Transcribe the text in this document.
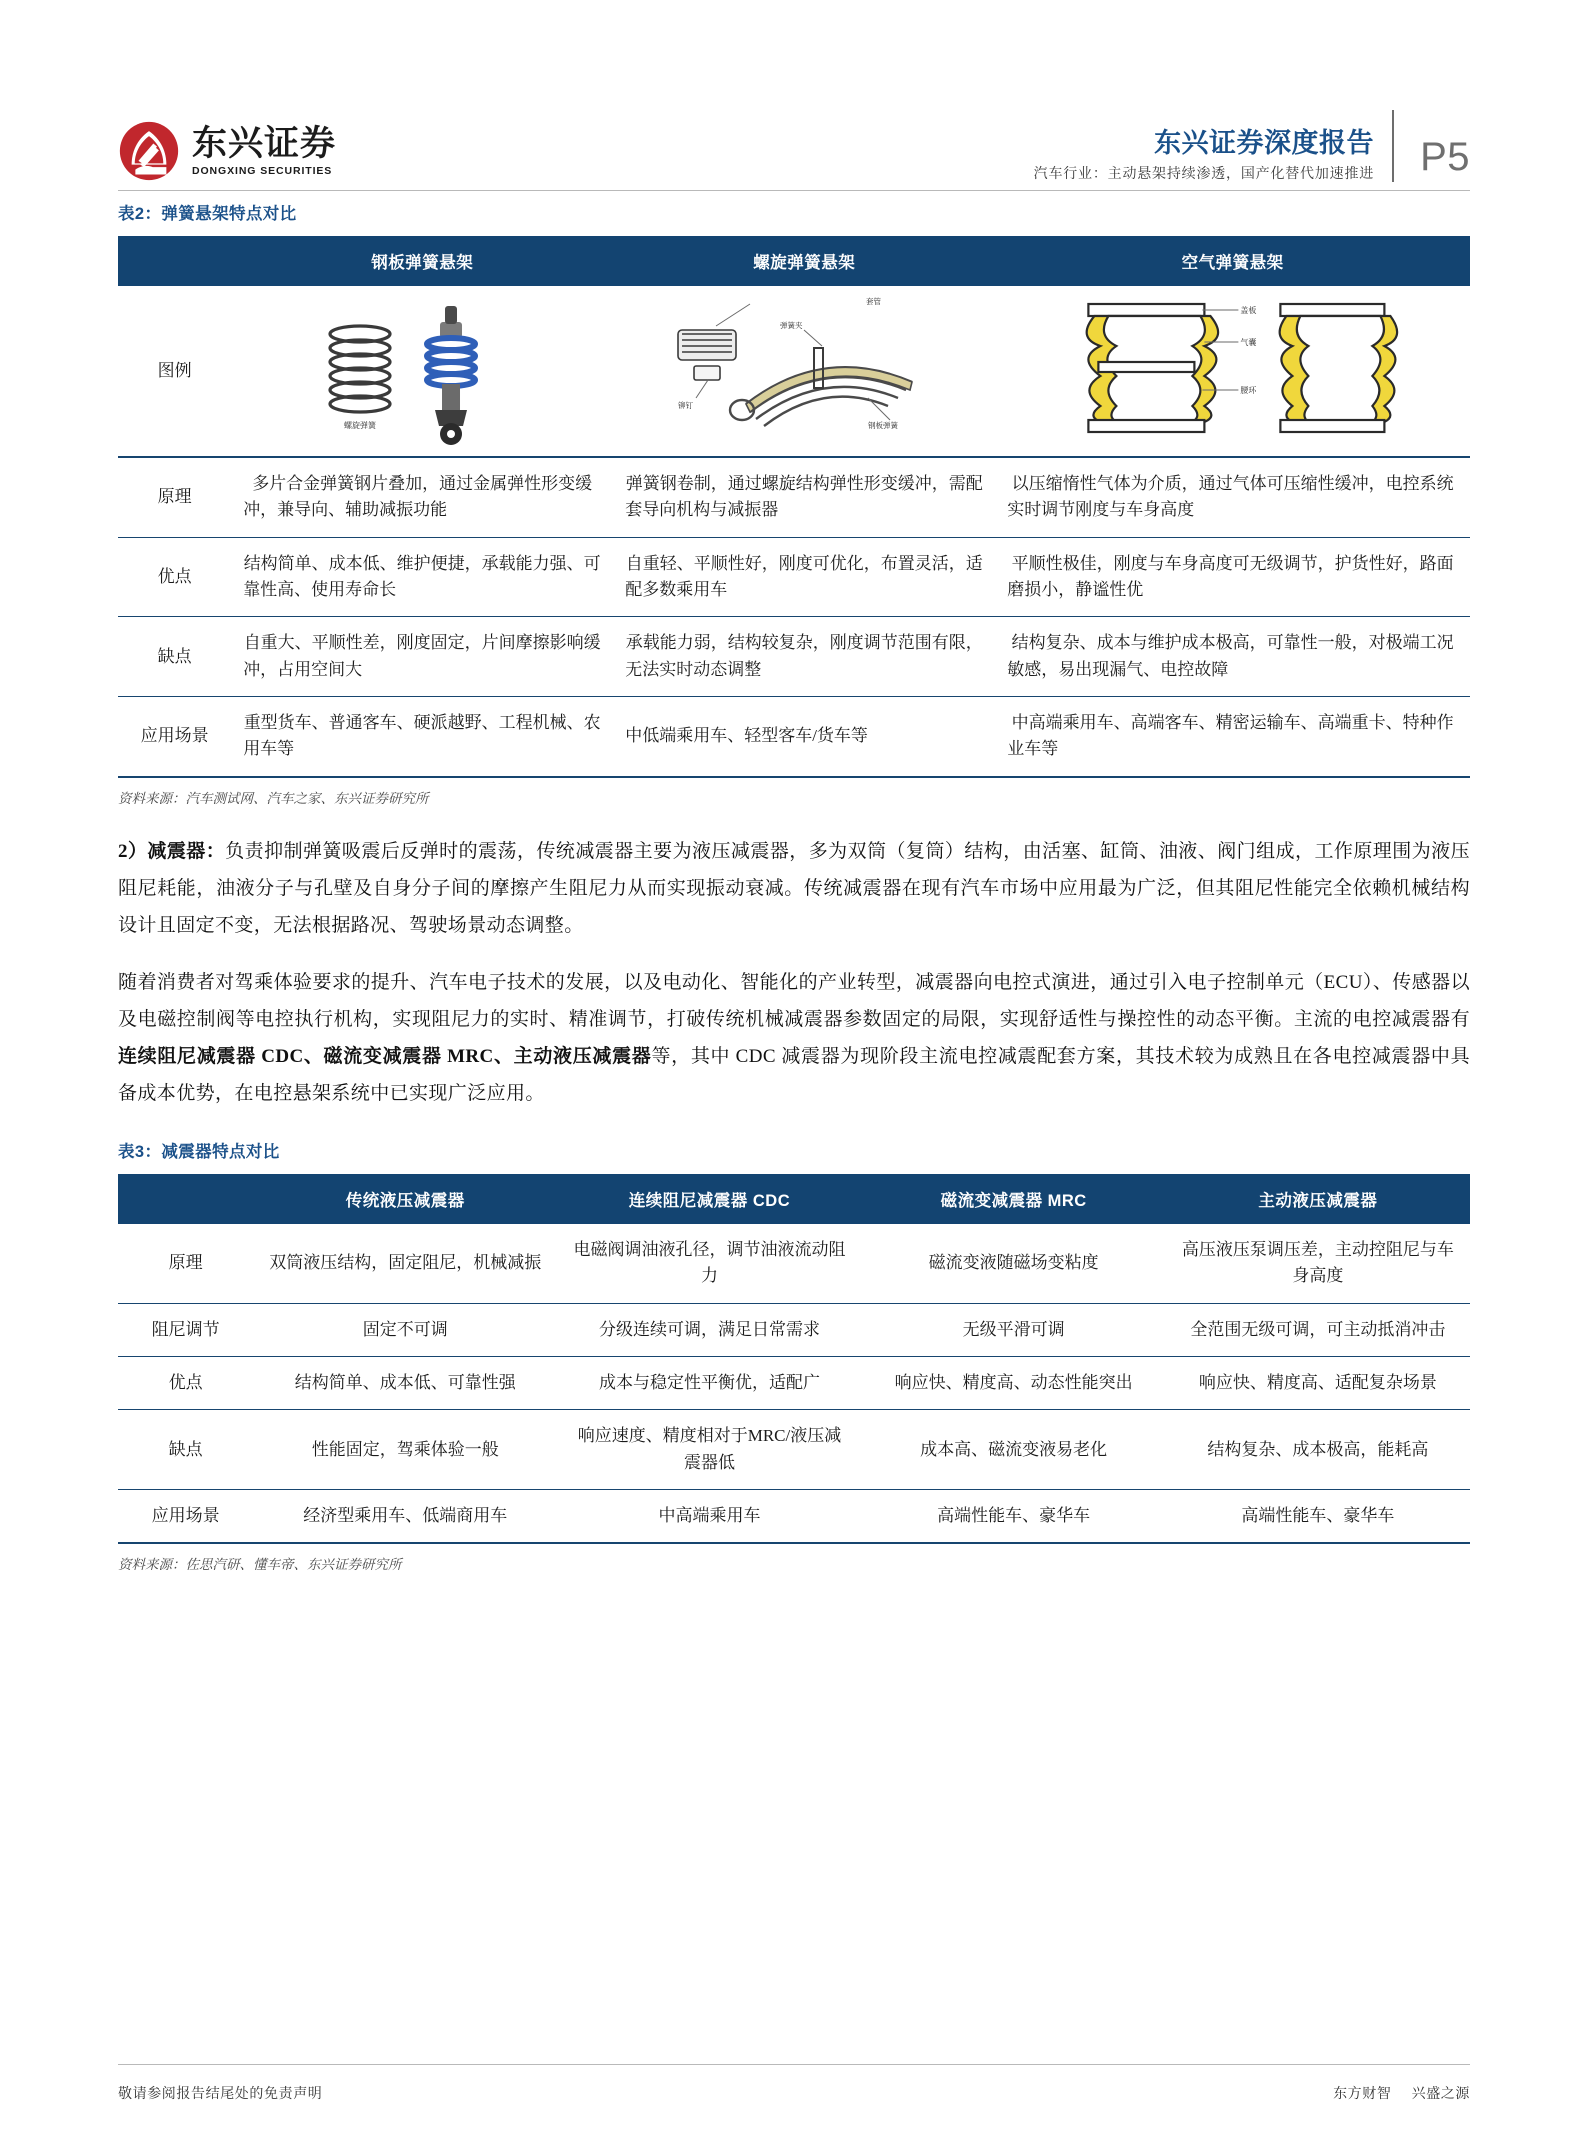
东兴证券
DONGXING SECURITIES
东兴证券深度报告
汽车行业：主动悬架持续渗透，国产化替代加速推进	P5
表2：弹簧悬架特点对比
	钢板弹簧悬架	螺旋弹簧悬架	空气弹簧悬架
图例	螺旋弹簧	套管
弹簧夹
铆钉
钢板弹簧	盖板
气囊
腰环

原理	多片合金弹簧钢片叠加，通过金属弹性形变缓冲，兼导向、辅助减振功能	弹簧钢卷制，通过螺旋结构弹性形变缓冲，需配套导向机构与减振器	以压缩惰性气体为介质，通过气体可压缩性缓冲，电控系统实时调节刚度与车身高度
优点	结构简单、成本低、维护便捷，承载能力强、可靠性高、使用寿命长	自重轻、平顺性好，刚度可优化，布置灵活，适配多数乘用车	平顺性极佳，刚度与车身高度可无级调节，护货性好，路面磨损小，静谧性优
缺点	自重大、平顺性差，刚度固定，片间摩擦影响缓冲，占用空间大	承载能力弱，结构较复杂，刚度调节范围有限，无法实时动态调整	结构复杂、成本与维护成本极高，可靠性一般，对极端工况敏感，易出现漏气、电控故障
应用场景	重型货车、普通客车、硬派越野、工程机械、农用车等	中低端乘用车、轻型客车/货车等	中高端乘用车、高端客车、精密运输车、高端重卡、特种作业车等
资料来源：汽车测试网、汽车之家、东兴证券研究所

2）减震器：负责抑制弹簧吸震后反弹时的震荡，传统减震器主要为液压减震器，多为双筒（复筒）结构，由活塞、缸筒、油液、阀门组成，工作原理围为液压阻尼耗能，油液分子与孔壁及自身分子间的摩擦产生阻尼力从而实现振动衰减。传统减震器在现有汽车市场中应用最为广泛，但其阻尼性能完全依赖机械结构设计且固定不变，无法根据路况、驾驶场景动态调整。

随着消费者对驾乘体验要求的提升、汽车电子技术的发展，以及电动化、智能化的产业转型，减震器向电控式演进，通过引入电子控制单元（ECU）、传感器以及电磁控制阀等电控执行机构，实现阻尼力的实时、精准调节，打破传统机械减震器参数固定的局限，实现舒适性与操控性的动态平衡。主流的电控减震器有连续阻尼减震器 CDC、磁流变减震器 MRC、主动液压减震器等，其中 CDC 减震器为现阶段主流电控减震配套方案，其技术较为成熟且在各电控减震器中具备成本优势，在电控悬架系统中已实现广泛应用。

表3：减震器特点对比
	传统液压减震器	连续阻尼减震器 CDC	磁流变减震器 MRC	主动液压减震器
原理	双筒液压结构，固定阻尼，机械减振	电磁阀调油液孔径，调节油液流动阻力	磁流变液随磁场变粘度	高压液压泵调压差，主动控阻尼与车身高度
阻尼调节	固定不可调	分级连续可调，满足日常需求	无级平滑可调	全范围无级可调，可主动抵消冲击
优点	结构简单、成本低、可靠性强	成本与稳定性平衡优，适配广	响应快、精度高、动态性能突出	响应快、精度高、适配复杂场景
缺点	性能固定，驾乘体验一般	响应速度、精度相对于MRC/液压减震器低	成本高、磁流变液易老化	结构复杂、成本极高，能耗高
应用场景	经济型乘用车、低端商用车	中高端乘用车	高端性能车、豪华车	高端性能车、豪华车
资料来源：佐思汽研、懂车帝、东兴证券研究所
敬请参阅报告结尾处的免责声明	东方财智 兴盛之源
